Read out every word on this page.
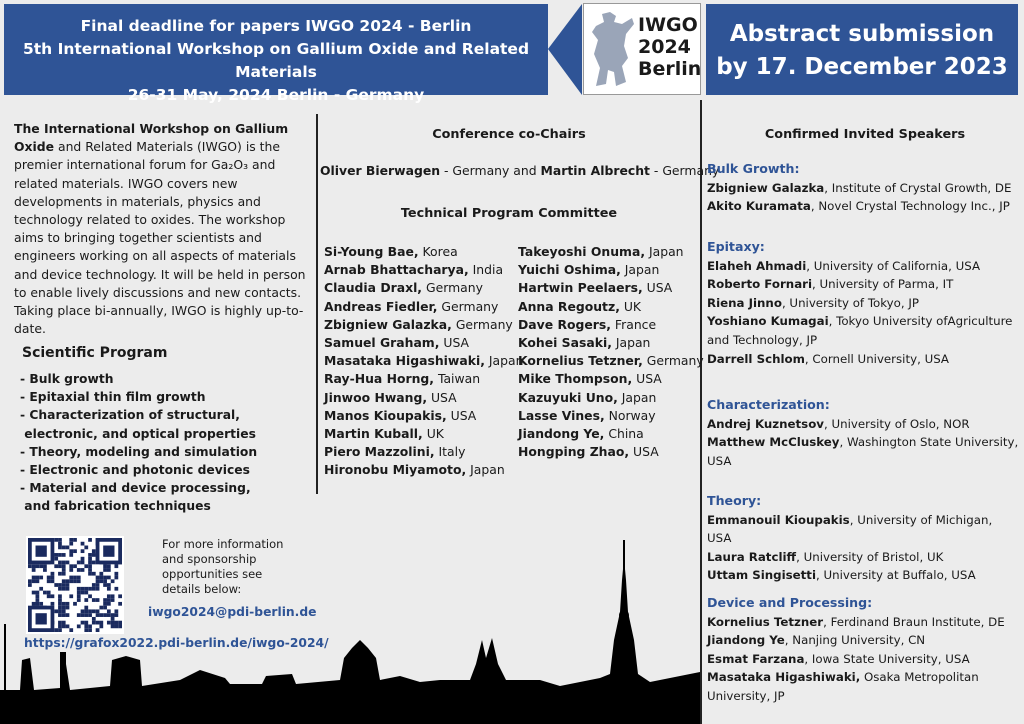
Final deadline for papers IWGO 2024 - Berlin
5th International Workshop on Gallium Oxide and Related Materials
26-31 May, 2024 Berlin - Germany
IWGO
2024
Berlin
Abstract submission
by 17. December 2023
The International Workshop on Gallium Oxide and Related Materials (IWGO) is the premier international forum for Ga₂O₃ and related materials. IWGO covers new developments in materials, physics and technology related to oxides. The workshop aims to bringing together scientists and engineers working on all aspects of materials and device technology. It will be held in person to enable lively discussions and new contacts. Taking place bi-annually, IWGO is highly up-to-date.
Scientific Program
- Bulk growth
- Epitaxial thin film growth
- Characterization of structural,
electronic, and optical properties
- Theory, modeling and simulation
- Electronic and photonic devices
- Material and device processing,
and fabrication techniques
For more information and sponsorship opportunities see details below:
iwgo2024@pdi-berlin.de
https://grafox2022.pdi-berlin.de/iwgo-2024/
Conference co-Chairs
Oliver Bierwagen - Germany and Martin Albrecht - Germany
Technical Program Committee
Si-Young Bae, Korea
Arnab Bhattacharya, India
Claudia Draxl, Germany
Andreas Fiedler, Germany
Zbigniew Galazka, Germany
Samuel Graham, USA
Masataka Higashiwaki, Japan
Ray-Hua Horng, Taiwan
Jinwoo Hwang, USA
Manos Kioupakis, USA
Martin Kuball, UK
Piero Mazzolini, Italy
Hironobu Miyamoto, Japan
Takeyoshi Onuma, Japan
Yuichi Oshima, Japan
Hartwin Peelaers, USA
Anna Regoutz, UK
Dave Rogers, France
Kohei Sasaki, Japan
Kornelius Tetzner, Germany
Mike Thompson, USA
Kazuyuki Uno, Japan
Lasse Vines, Norway
Jiandong Ye, China
Hongping Zhao, USA
Confirmed Invited Speakers
Bulk Growth:
Zbigniew Galazka, Institute of Crystal Growth, DE
Akito Kuramata, Novel Crystal Technology Inc., JP
Epitaxy:
Elaheh Ahmadi, University of California, USA
Roberto Fornari, University of Parma, IT
Riena Jinno, University of Tokyo, JP
Yoshiano Kumagai, Tokyo University ofAgriculture and Technology, JP
Darrell Schlom, Cornell University, USA
Characterization:
Andrej Kuznetsov, University of Oslo, NOR
Matthew McCluskey, Washington State University, USA
Theory:
Emmanouil Kioupakis, University of Michigan, USA
Laura Ratcliff, University of Bristol, UK
Uttam Singisetti, University at Buffalo, USA
Device and Processing:
Kornelius Tetzner, Ferdinand Braun Institute, DE
Jiandong Ye, Nanjing University, CN
Esmat Farzana, Iowa State University, USA
Masataka Higashiwaki, Osaka Metropolitan University, JP
